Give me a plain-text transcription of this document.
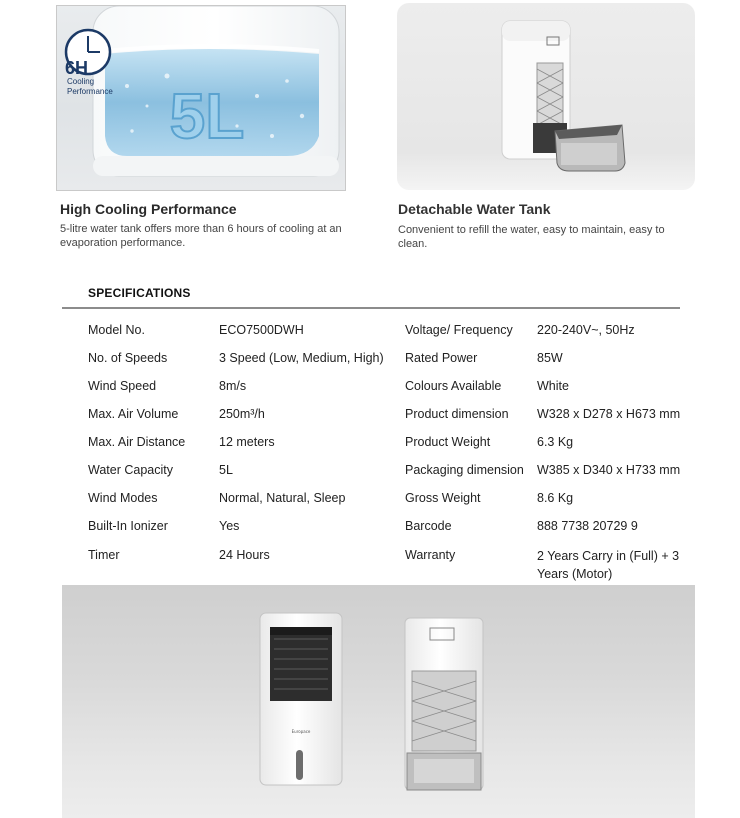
5L
6H
Cooling
Performance
High Cooling Performance
5-litre water tank offers more than 6 hours of cooling at an evaporation performance.
Detachable Water Tank
Convenient to refill the water, easy to maintain, easy to clean.
SPECIFICATIONS
Model No.	ECO7500DWH	Voltage/ Frequency 220-240V~, 50Hz
No. of Speeds	3 Speed (Low, Medium, High) Rated Power	85W
Wind Speed	8m/s	Colours Available	White
Max. Air Volume	250m³/h	Product dimension W328 x D278 x H673 mm
Max. Air Distance	12 meters	Product Weight	6.3 Kg
Water Capacity	5L	Packaging dimension W385 x D340 x H733 mm
Wind Modes	Normal, Natural, Sleep	Gross Weight	8.6 Kg
Built-In Ionizer	Yes	Barcode	888 7738 20729 9
Timer	24 Hours	Warranty	2 Years Carry in (Full) + 3 Years (Motor)
Europace
